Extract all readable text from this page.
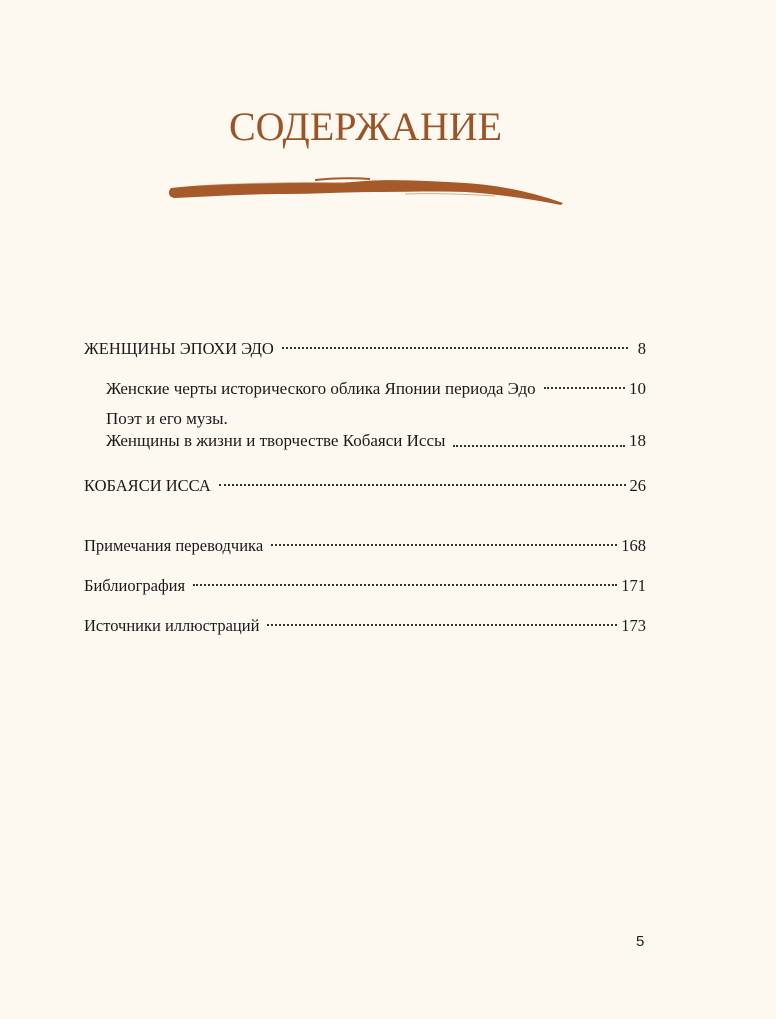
СОДЕРЖАНИЕ
ЖЕНЩИНЫ ЭПОХИ ЭДО	8
Женские черты исторического облика Японии периода Эдо	10
Поэт и его музы.
Женщины в жизни и творчестве Кобаяси Иссы	18
КОБАЯСИ ИССА	26
Примечания переводчика	168
Библиография	171
Источники иллюстраций	173
5
